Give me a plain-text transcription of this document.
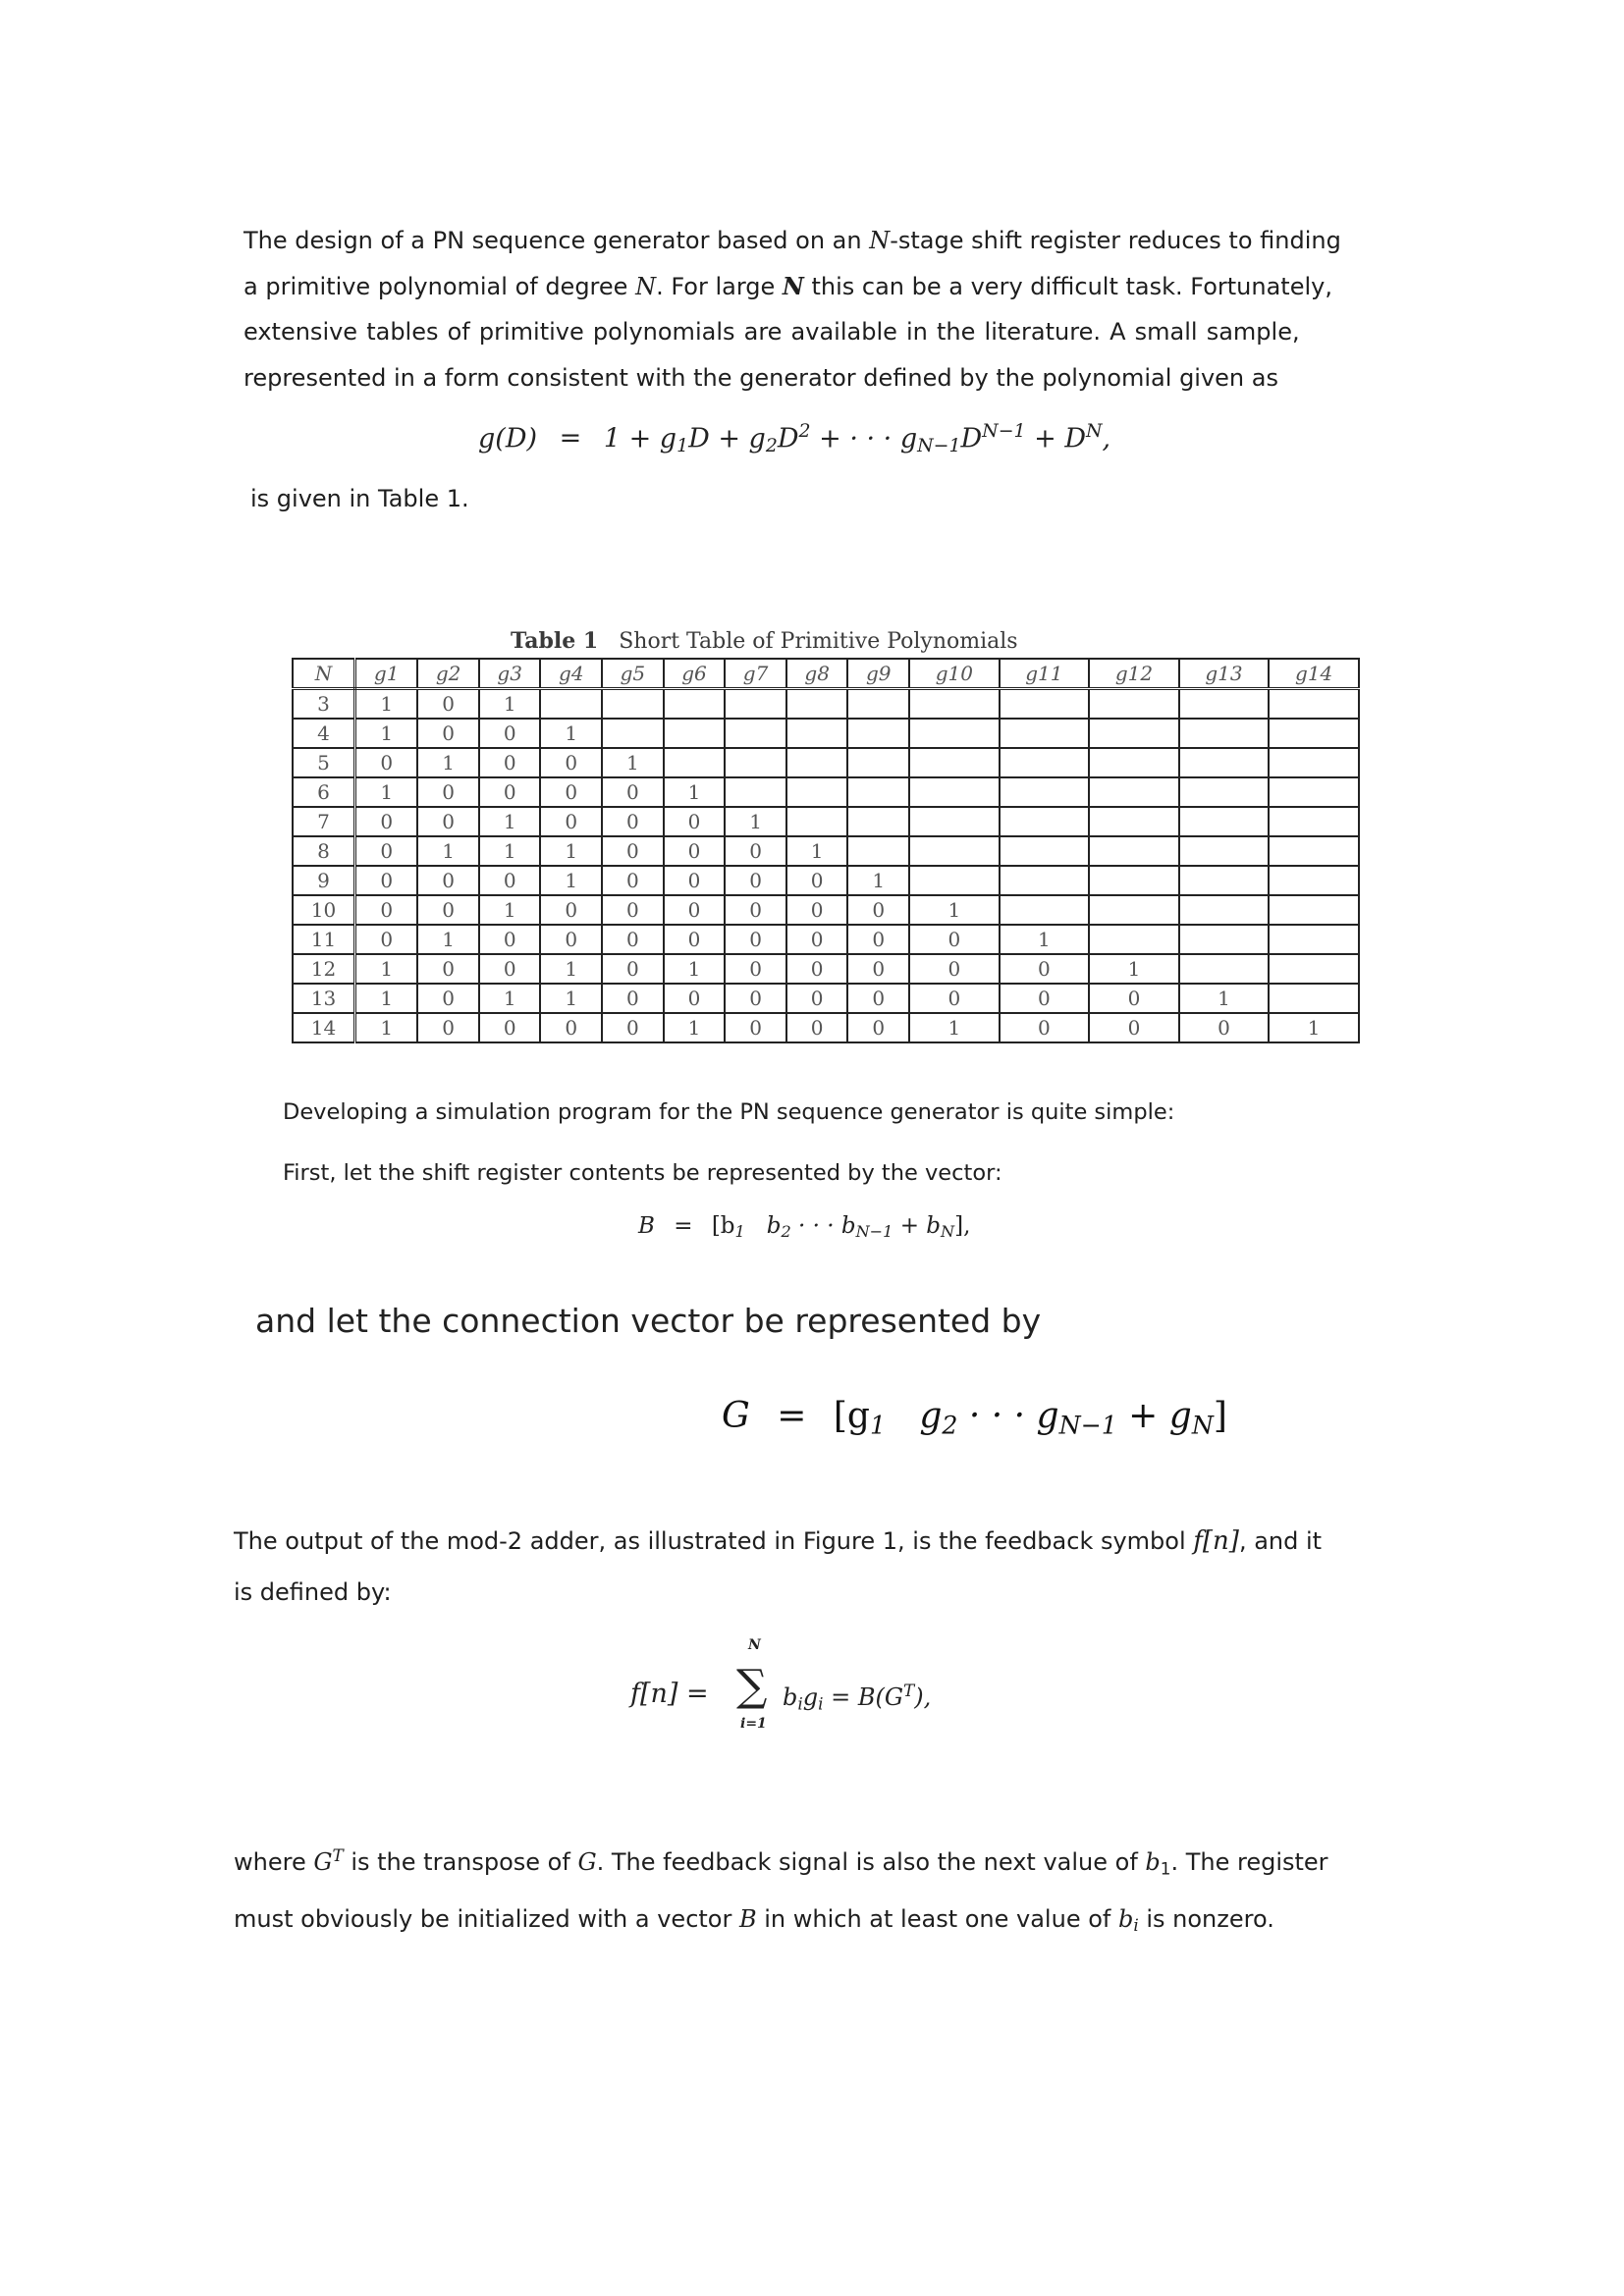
The design of a PN sequence generator based on an N-stage shift register reduces to finding

a primitive polynomial of degree N. For large N this can be a very difficult task. Fortunately,

extensive tables of primitive polynomials are available in the literature. A small sample,

represented in a form consistent with the generator defined by the polynomial given as

$g(D) = 1 + g_1D + g_2D^2$ + · · · $g_{N-1}D^{N-1} + D^N$,
is given in Table 1.
Table 1 Short Table of Primitive Polynomials
N	g1	g2	g3	g4	g5	g6	g7	g8	g9	g10	g11	g12	g13	g14
3	1	0	1											
4	1	0	0	1										
5	0	1	0	0	1									
6	1	0	0	0	0	1								
7	0	0	1	0	0	0	1							
8	0	1	1	1	0	0	0	1						
9	0	0	0	1	0	0	0	0	1					
10	0	0	1	0	0	0	0	0	0	1				
11	0	1	0	0	0	0	0	0	0	0	1			
12	1	0	0	1	0	1	0	0	0	0	0	1		
13	1	0	1	1	0	0	0	0	0	0	0	0	1	
14	1	0	0	0	0	1	0	0	0	1	0	0	0	1
Developing a simulation program for the PN sequence generator is quite simple:
First, let the shift register contents be represented by the vector:
$B = [b_1$ $b_2$ · · · $b_{N-1} + b_N$],
and let the connection vector be represented by
$G = [g_1$ $g_2$ · · · $g_{N-1} + g_N$]

The output of the mod-2 adder, as illustrated in Figure 1, is the feedback symbol f[n], and it

is defined by:

f[n] =
N
∑
i=1
$b_ig_i = B(G^T)$,

where $G^T$ is the transpose of G. The feedback signal is also the next value of $b_1$. The register

must obviously be initialized with a vector B in which at least one value of $b_i$ is nonzero.
